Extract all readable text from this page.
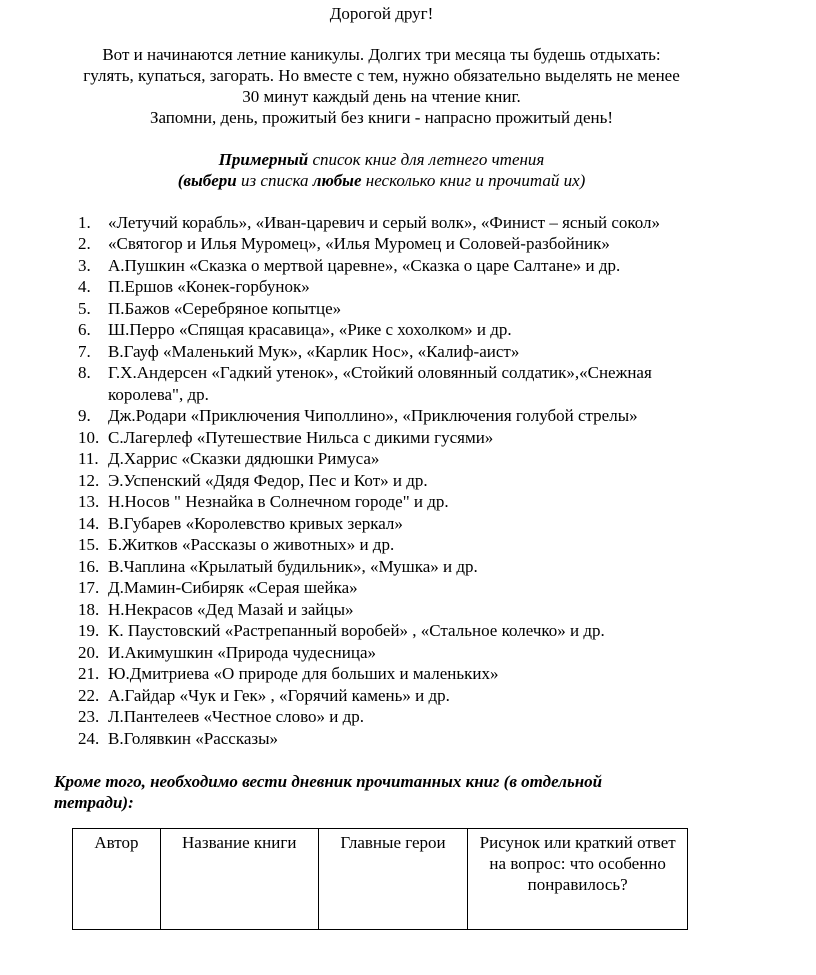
Дорогой друг!
Вот и начинаются летние каникулы. Долгих три месяца ты будешь отдыхать:
гулять, купаться, загорать. Но вместе с тем, нужно обязательно выделять не менее
30 минут каждый день на чтение книг.
Запомни, день, прожитый без книги - напрасно прожитый день!
Примерный список книг для летнего чтения
(выбери из списка любые несколько книг и прочитай их)
1. «Летучий корабль», «Иван-царевич и серый волк», «Финист – ясный сокол»
2. «Святогор и Илья Муромец», «Илья Муромец и Соловей-разбойник»
3. А.Пушкин «Сказка о мертвой царевне», «Сказка о царе Салтане» и др.
4. П.Ершов «Конек-горбунок»
5. П.Бажов «Серебряное копытце»
6. Ш.Перро «Спящая красавица», «Рике с хохолком» и др.
7. В.Гауф «Маленький Мук», «Карлик Нос», «Калиф-аист»
8. Г.Х.Андерсен «Гадкий утенок», «Стойкий оловянный солдатик»,«Снежная
королева", др.
9. Дж.Родари «Приключения Чиполлино», «Приключения голубой стрелы»
10. С.Лагерлеф «Путешествие Нильса с дикими гусями»
11. Д.Харрис «Сказки дядюшки Римуса»
12. Э.Успенский «Дядя Федор, Пес и Кот» и др.
13. Н.Носов " Незнайка в Солнечном городе" и др.
14. В.Губарев «Королевство кривых зеркал»
15. Б.Житков «Рассказы о животных» и др.
16. В.Чаплина «Крылатый будильник», «Мушка» и др.
17. Д.Мамин-Сибиряк «Серая шейка»
18. Н.Некрасов «Дед Мазай и зайцы»
19. К. Паустовский «Растрепанный воробей» , «Стальное колечко» и др.
20. И.Акимушкин «Природа чудесница»
21.Ю.Дмитриева «О природе для больших и маленьких»
22. А.Гайдар «Чук и Гек» , «Горячий камень» и др.
23. Л.Пантелеев «Честное слово» и др.
24.В.Голявкин «Рассказы»
Кроме того, необходимо вести дневник прочитанных книг (в отдельной
тетради):
Автор	Название книги	Главные герои	Рисунок или краткий ответ на вопрос: что особенно понравилось?
